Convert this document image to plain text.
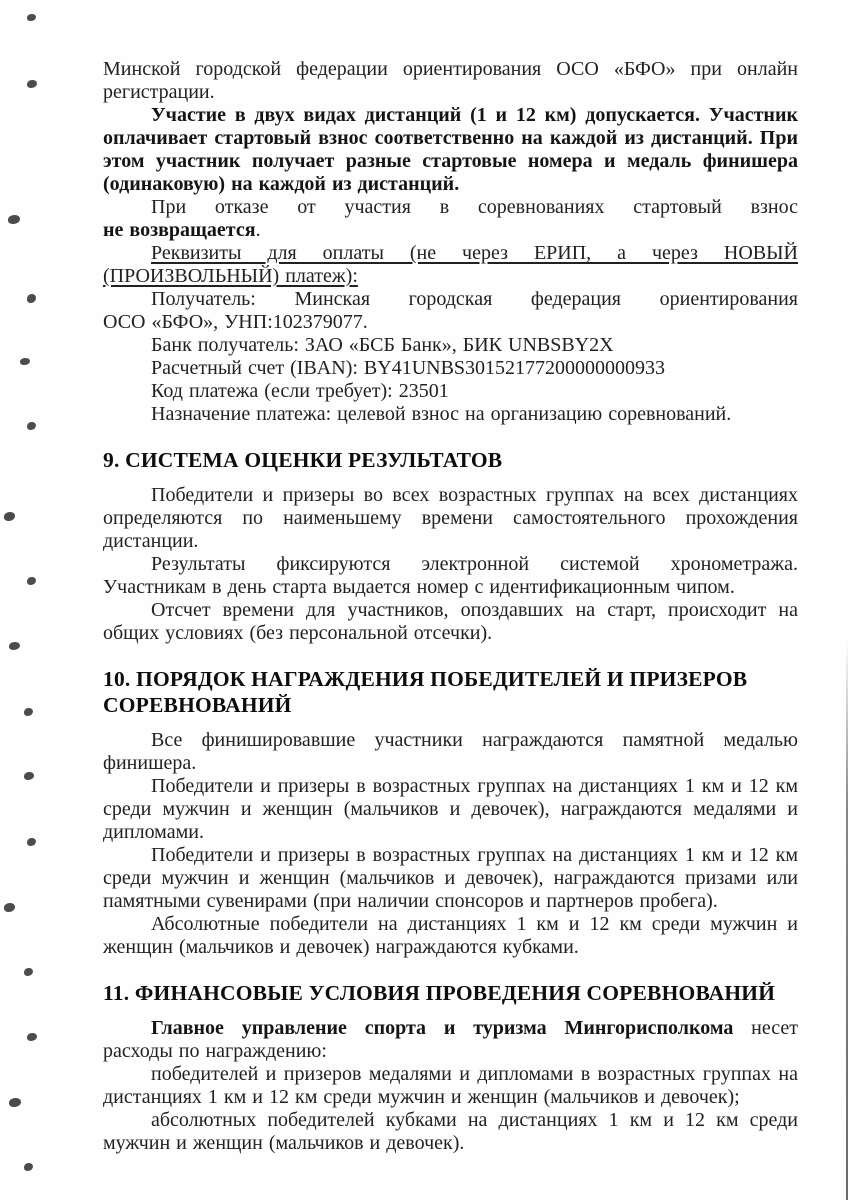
Минской городской федерации ориентирования ОСО «БФО» при онлайн регистрации.

Участие в двух видах дистанций (1 и 12 км) допускается. Участник оплачивает стартовый взнос соответственно на каждой из дистанций. При этом участник получает разные стартовые номера и медаль финишера (одинаковую) на каждой из дистанций.

При отказе от участия в соревнованиях стартовый взнос не возвращается.

Реквизиты для оплаты (не через ЕРИП, а через НОВЫЙ (ПРОИЗВОЛЬНЫЙ) платеж):

Получатель: Минская городская федерация ориентирования ОСО «БФО», УНП:102379077.

Банк получатель: ЗАО «БСБ Банк», БИК UNBSBY2X

Расчетный счет (IBAN): BY41UNBS30152177200000000933

Код платежа (если требует): 23501

Назначение платежа: целевой взнос на организацию соревнований.

9. СИСТЕМА ОЦЕНКИ РЕЗУЛЬТАТОВ

Победители и призеры во всех возрастных группах на всех дистанциях определяются по наименьшему времени самостоятельного прохождения дистанции.

Результаты фиксируются электронной системой хронометража. Участникам в день старта выдается номер с идентификационным чипом.

Отсчет времени для участников, опоздавших на старт, происходит на общих условиях (без персональной отсечки).

10. ПОРЯДОК НАГРАЖДЕНИЯ ПОБЕДИТЕЛЕЙ И ПРИЗЕРОВ СОРЕВНОВАНИЙ

Все финишировавшие участники награждаются памятной медалью финишера.

Победители и призеры в возрастных группах на дистанциях 1 км и 12 км среди мужчин и женщин (мальчиков и девочек), награждаются медалями и дипломами.

Победители и призеры в возрастных группах на дистанциях 1 км и 12 км среди мужчин и женщин (мальчиков и девочек), награждаются призами или памятными сувенирами (при наличии спонсоров и партнеров пробега).

Абсолютные победители на дистанциях 1 км и 12 км среди мужчин и женщин (мальчиков и девочек) награждаются кубками.

11. ФИНАНСОВЫЕ УСЛОВИЯ ПРОВЕДЕНИЯ СОРЕВНОВАНИЙ

Главное управление спорта и туризма Мингорисполкома несет расходы по награждению:

победителей и призеров медалями и дипломами в возрастных группах на дистанциях 1 км и 12 км среди мужчин и женщин (мальчиков и девочек);

абсолютных победителей кубками на дистанциях 1 км и 12 км среди мужчин и женщин (мальчиков и девочек).
